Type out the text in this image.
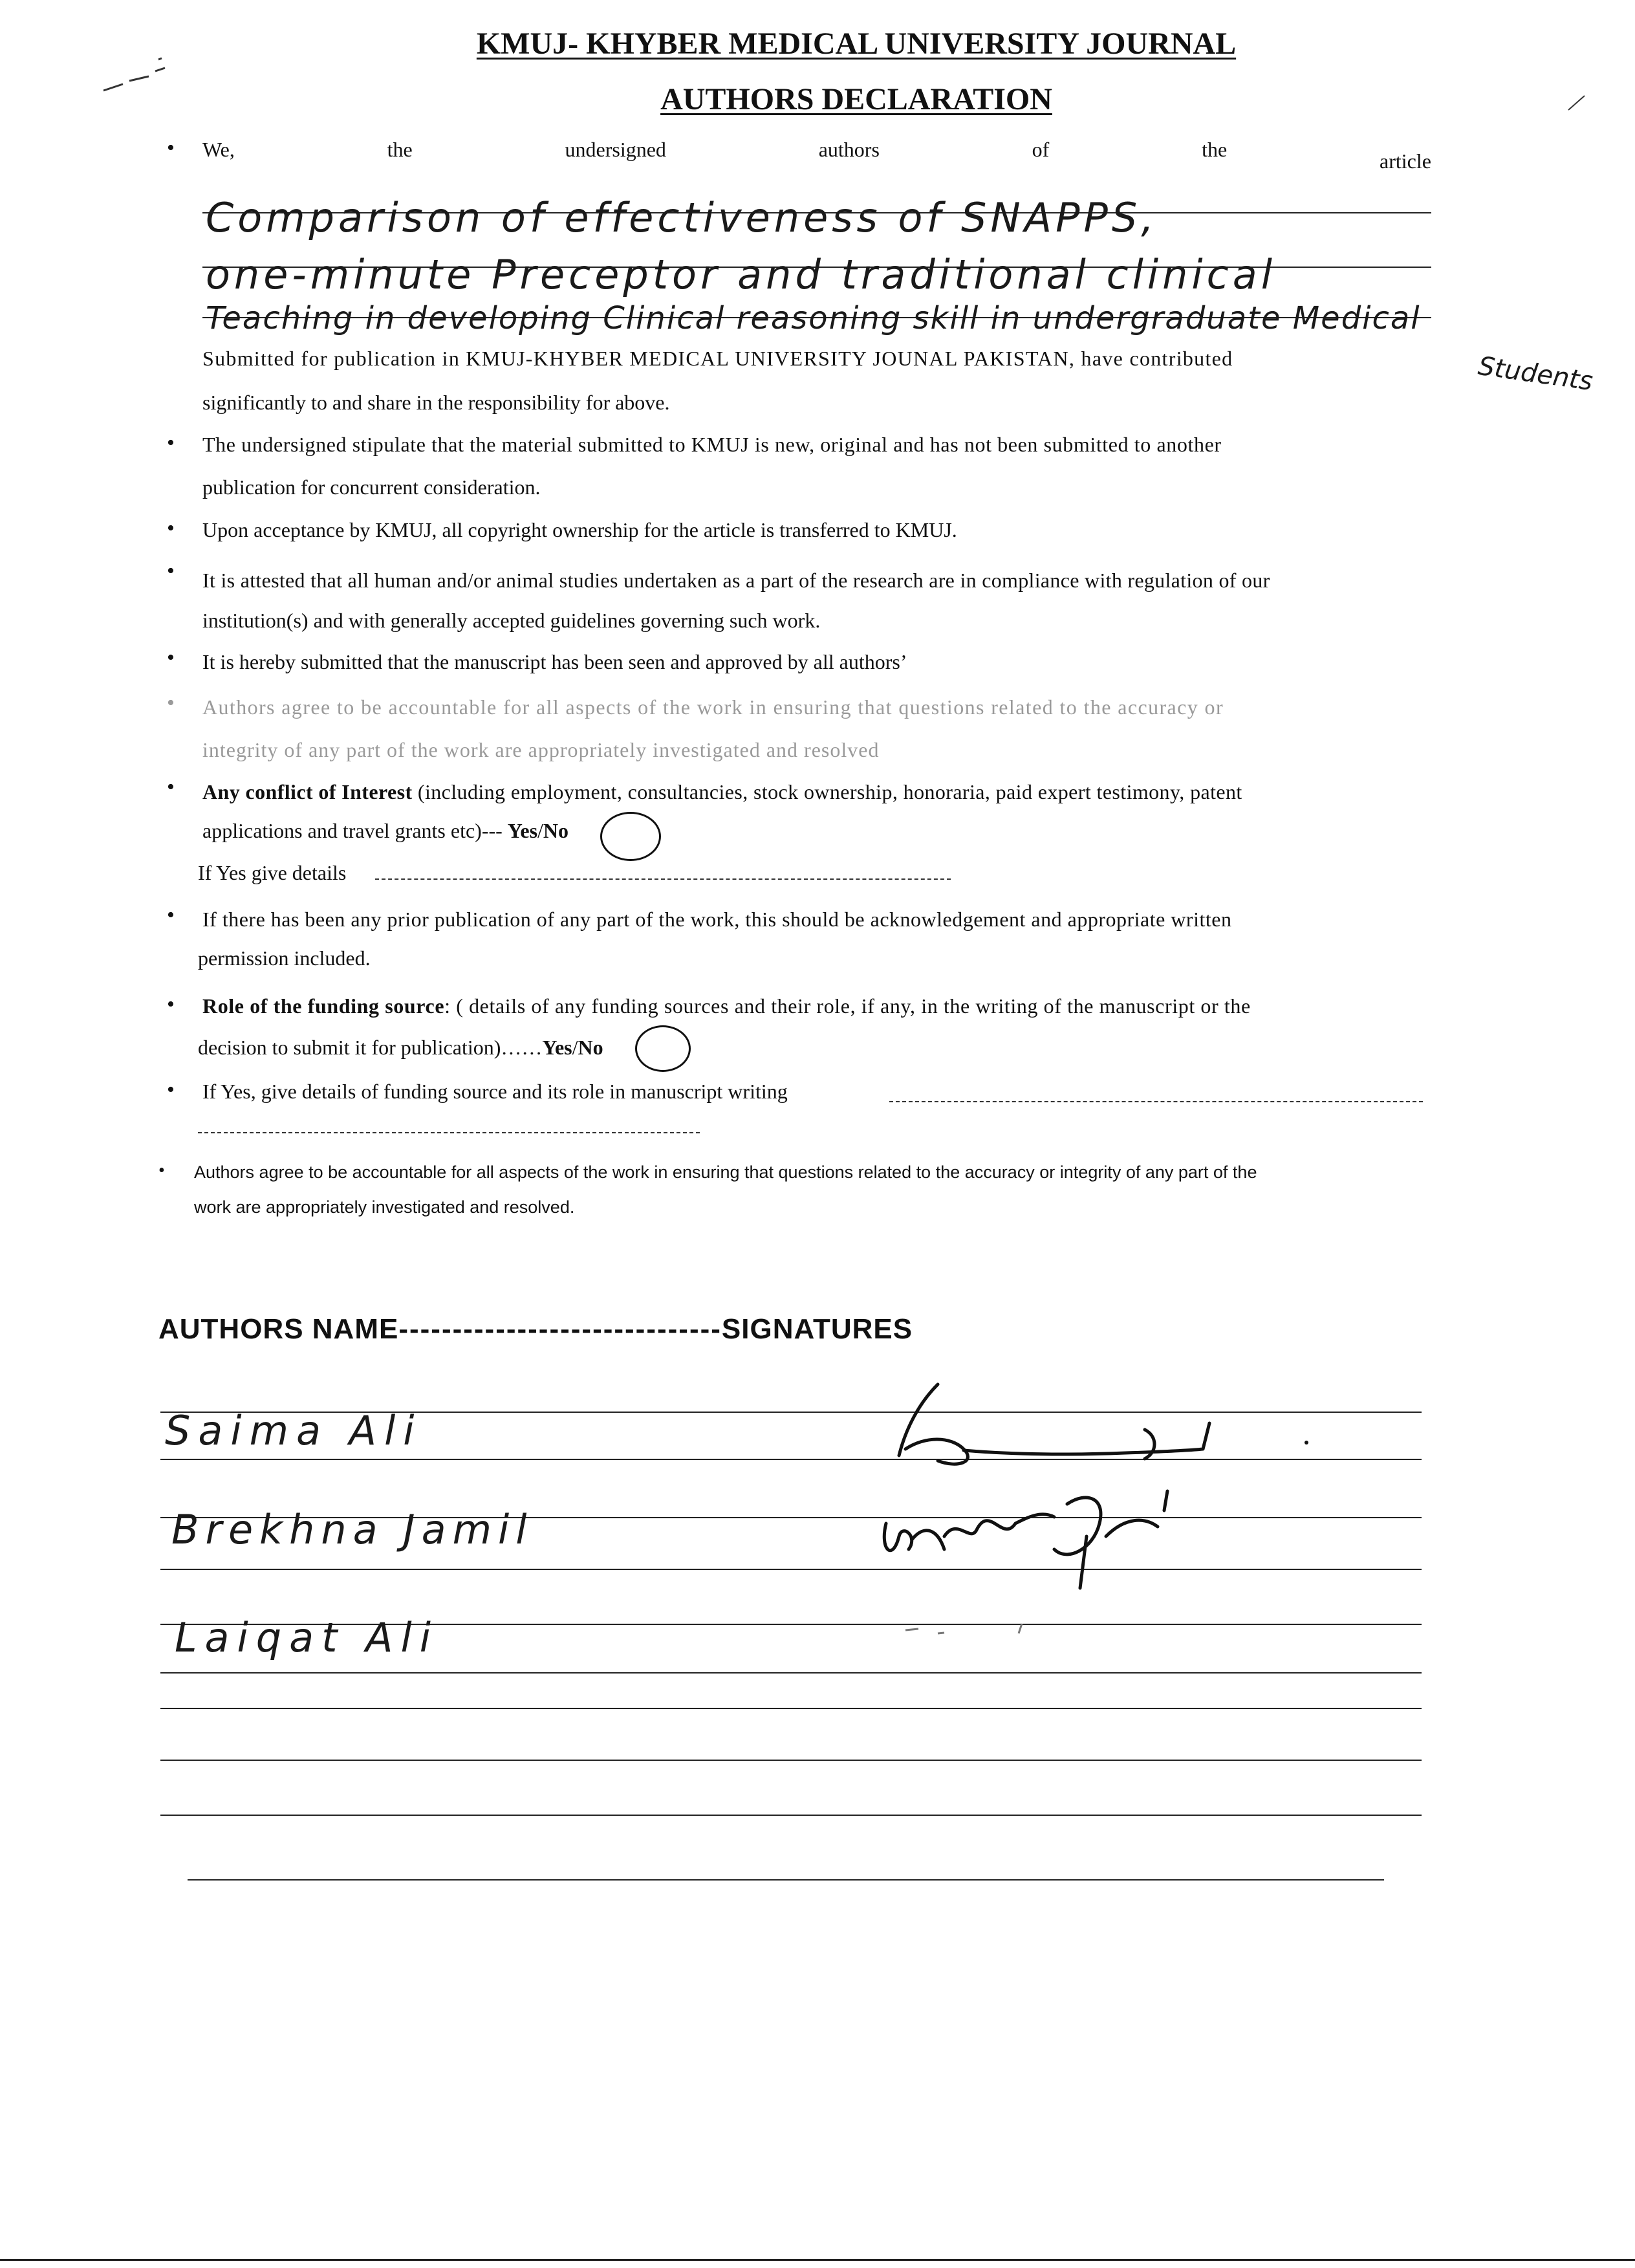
KMUJ- KHYBER MEDICAL UNIVERSITY JOURNAL
AUTHORS DECLARATION
• We,	the	undersigned	authors	of	the	article
Comparison of effectiveness of SNAPPS,
one-minute Preceptor and traditional clinical
Teaching in developing Clinical reasoning skill in undergraduate Medical
Students
Submitted for publication in KMUJ-KHYBER MEDICAL UNIVERSITY JOUNAL PAKISTAN, have contributed
significantly to and share in the responsibility for above.
• The undersigned stipulate that the material submitted to KMUJ is new, original and has not been submitted to another
publication for concurrent consideration.
• Upon acceptance by KMUJ, all copyright ownership for the article is transferred to KMUJ.
• It is attested that all human and/or animal studies undertaken as a part of the research are in compliance with regulation of our
institution(s) and with generally accepted guidelines governing such work.
• It is hereby submitted that the manuscript has been seen and approved by all authors’
• Authors agree to be accountable for all aspects of the work in ensuring that questions related to the accuracy or
integrity of any part of the work are appropriately investigated and resolved
• Any conflict of Interest (including employment, consultancies, stock ownership, honoraria, paid expert testimony, patent
applications and travel grants etc)--- Yes/No
If Yes give details
• If there has been any prior publication of any part of the work, this should be acknowledgement and appropriate written
permission included.
• Role of the funding source: ( details of any funding sources and their role, if any, in the writing of the manuscript or the
decision to submit it for publication)……Yes/No
• If Yes, give details of funding source and its role in manuscript writing
• Authors agree to be accountable for all aspects of the work in ensuring that questions related to the accuracy or integrity of any part of the
work are appropriately investigated and resolved.
AUTHORS NAME------------------------------SIGNATURES
Saima Ali
Brekhna Jamil
Laiqat Ali
